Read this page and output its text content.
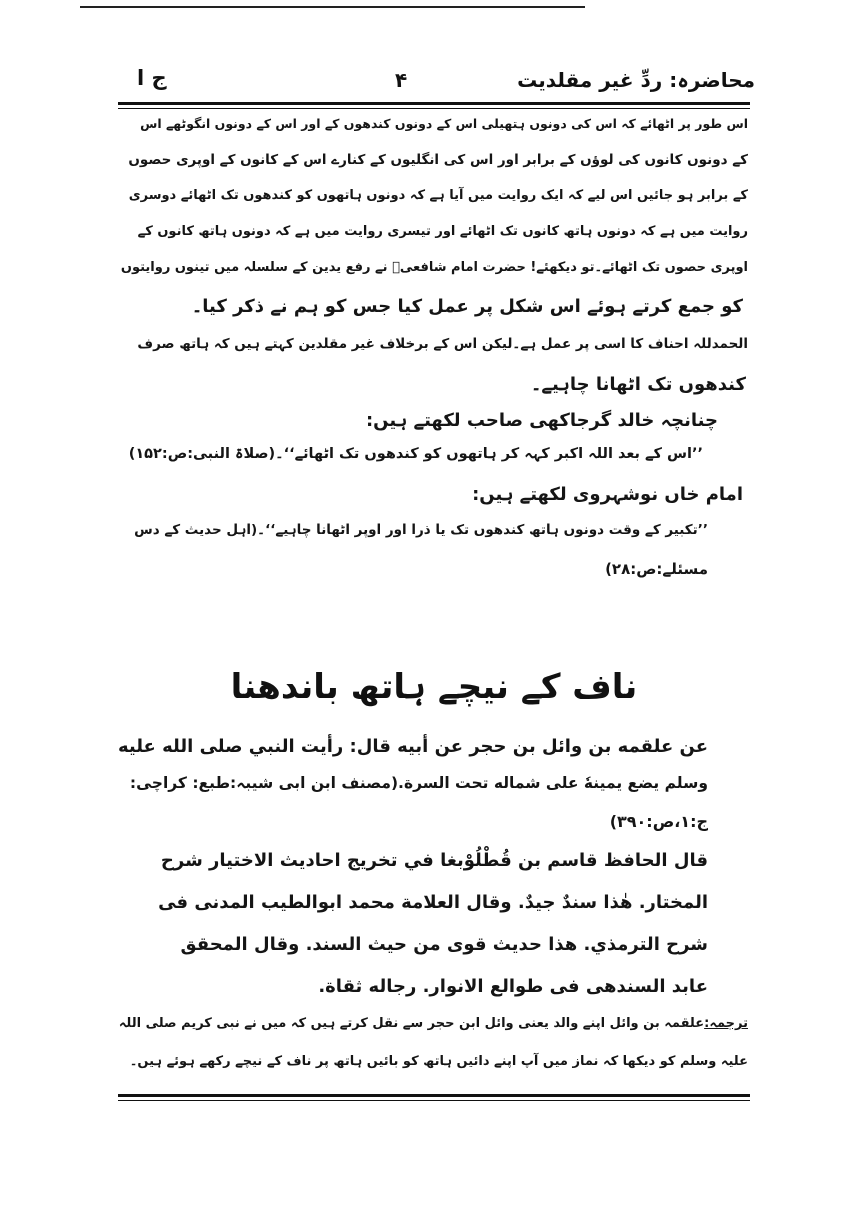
محاضرہ: ردِّ غیر مقلدیت
۴
ج ا
اس طور پر اٹھائے کہ اس کی دونوں ہتھیلی اس کے دونوں کندھوں کے اور اس کے دونوں انگوٹھے اس
کے دونوں کانوں کی لوؤں کے برابر اور اس کی انگلیوں کے کنارے اس کے کانوں کے اوپری حصوں
کے برابر ہو جائیں اس لیے کہ ایک روایت میں آیا ہے کہ دونوں ہاتھوں کو کندھوں تک اٹھائے دوسری
روایت میں ہے کہ دونوں ہاتھ کانوں تک اٹھائے اور تیسری روایت میں ہے کہ دونوں ہاتھ کانوں کے
اوپری حصوں تک اٹھائے۔تو دیکھئے! حضرت امام شافعیؒ نے رفع یدین کے سلسلہ میں تینوں روایتوں
کو جمع کرتے ہوئے اس شکل پر عمل کیا جس کو ہم نے ذکر کیا۔
الحمدللہ احناف کا اسی پر عمل ہے۔لیکن اس کے برخلاف غیر مقلدین کہتے ہیں کہ ہاتھ صرف
کندھوں تک اٹھانا چاہیے۔
چنانچہ خالد گرجاکھی صاحب لکھتے ہیں:
’’اس کے بعد اللہ اکبر کہہ کر ہاتھوں کو کندھوں تک اٹھائے‘‘۔(صلاۃ النبی:ص:۱۵۲)
امام خاں نوشہروی لکھتے ہیں:
’’تکبیر کے وقت دونوں ہاتھ کندھوں تک یا ذرا اور اوپر اٹھانا چاہیے‘‘۔(اہل حدیث کے دس
مسئلے:ص:۲۸)
ناف کے نیچے ہاتھ باندھنا
عن علقمه بن وائل بن حجر عن أبيه قال: رأيت النبي صلى الله عليه
وسلم يضع يمينهٗ على شماله تحت السرة.(مصنف ابن ابی شیبہ:طبع: کراچی:
ج:۱،ص:۳۹۰)
قال الحافظ قاسم بن قُطْلُوْبغا في تخريج احاديث الاختيار شرح
المختار. هٰذا سندٌ جيدٌ. وقال العلامة محمد ابوالطيب المدنى فى
شرح الترمذي. هذا حديث قوى من حيث السند. وقال المحقق
عابد السندهى فى طوالع الانوار. رجاله ثقاة.
ترجمہ:علقمہ بن وائل اپنے والد یعنی وائل ابن حجر سے نقل کرتے ہیں کہ میں نے نبی کریم صلی اللہ
علیہ وسلم کو دیکھا کہ نماز میں آپ اپنے دائیں ہاتھ کو بائیں ہاتھ پر ناف کے نیچے رکھے ہوئے ہیں۔
